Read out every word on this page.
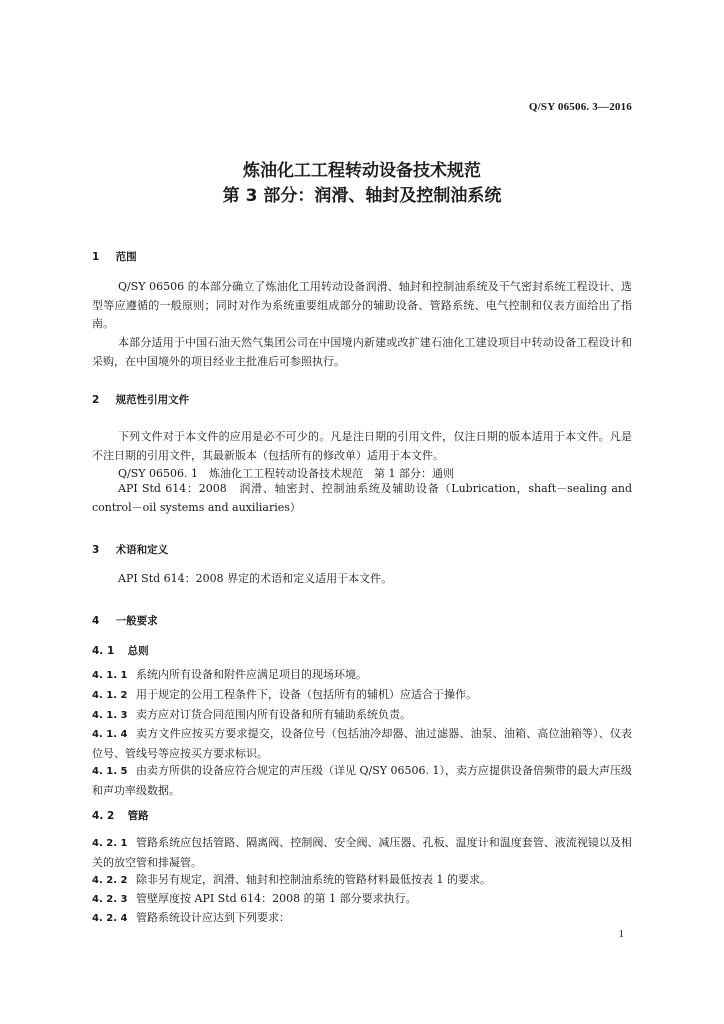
Q/SY 06506. 3—2016
炼油化工工程转动设备技术规范
第 3 部分：润滑、轴封及控制油系统
1 范围
Q/SY 06506 的本部分确立了炼油化工用转动设备润滑、轴封和控制油系统及干气密封系统工程设计、选型等应遵循的一般原则；同时对作为系统重要组成部分的辅助设备、管路系统、电气控制和仪表方面给出了指南。
本部分适用于中国石油天然气集团公司在中国境内新建或改扩建石油化工建设项目中转动设备工程设计和采购，在中国境外的项目经业主批准后可参照执行。
2 规范性引用文件
下列文件对于本文件的应用是必不可少的。凡是注日期的引用文件，仅注日期的版本适用于本文件。凡是不注日期的引用文件，其最新版本（包括所有的修改单）适用于本文件。
Q/SY 06506. 1　炼油化工工程转动设备技术规范　第 1 部分：通则
API Std 614：2008　润滑、轴密封、控制油系统及辅助设备（Lubrication，shaft－sealing and control－oil systems and auxiliaries）
3 术语和定义
API Std 614：2008 界定的术语和定义适用于本文件。
4 一般要求
4. 1 总则
4. 1. 1 系统内所有设备和附件应满足项目的现场环境。
4. 1. 2 用于规定的公用工程条件下，设备（包括所有的辅机）应适合于操作。
4. 1. 3 卖方应对订货合同范围内所有设备和所有辅助系统负责。
4. 1. 4 卖方文件应按买方要求提交，设备位号（包括油冷却器、油过滤器、油泵、油箱、高位油箱等）、仪表位号、管线号等应按买方要求标识。
4. 1. 5 由卖方所供的设备应符合规定的声压级（详见 Q/SY 06506. 1），卖方应提供设备倍频带的最大声压级和声功率级数据。
4. 2 管路
4. 2. 1 管路系统应包括管路、隔离阀、控制阀、安全阀、减压器、孔板、温度计和温度套管、液流视镜以及相关的放空管和排凝管。
4. 2. 2 除非另有规定，润滑、轴封和控制油系统的管路材料最低按表 1 的要求。
4. 2. 3 管壁厚度按 API Std 614：2008 的第 1 部分要求执行。
4. 2. 4 管路系统设计应达到下列要求：
1
